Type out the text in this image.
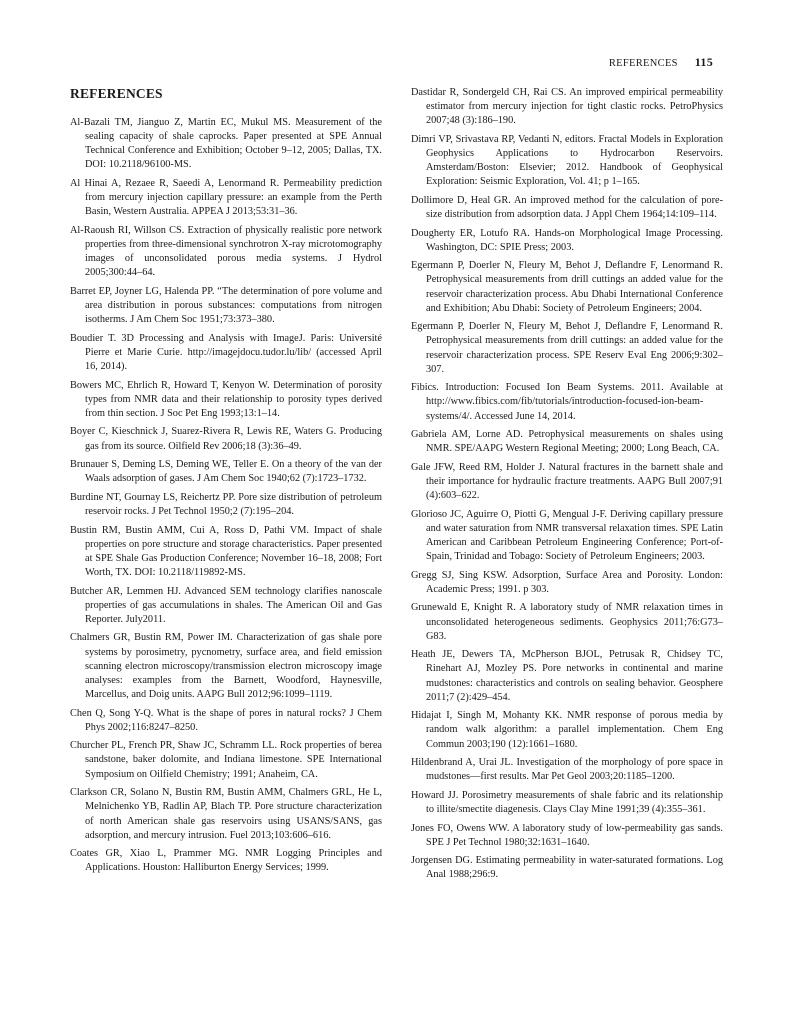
REFERENCES 115
REFERENCES

Al-Bazali TM, Jianguo Z, Martin EC, Mukul MS. Measurement of the sealing capacity of shale caprocks. Paper presented at SPE Annual Technical Conference and Exhibition; October 9–12, 2005; Dallas, TX. DOI: 10.2118/96100-MS.

Al Hinai A, Rezaee R, Saeedi A, Lenormand R. Permeability prediction from mercury injection capillary pressure: an example from the Perth Basin, Western Australia. APPEA J 2013;53:31–36.

Al-Raoush RI, Willson CS. Extraction of physically realistic pore network properties from three-dimensional synchrotron X-ray microtomography images of unconsolidated porous media systems. J Hydrol 2005;300:44–64.

Barret EP, Joyner LG, Halenda PP. “The determination of pore volume and area distribution in porous substances: computations from nitrogen isotherms. J Am Chem Soc 1951;73:373–380.

Boudier T. 3D Processing and Analysis with ImageJ. Paris: Université Pierre et Marie Curie. http://imagejdocu.tudor.lu/lib/ (accessed April 16, 2014).

Bowers MC, Ehrlich R, Howard T, Kenyon W. Determination of porosity types from NMR data and their relationship to porosity types derived from thin section. J Soc Pet Eng 1993;13:1–14.

Boyer C, Kieschnick J, Suarez-Rivera R, Lewis RE, Waters G. Producing gas from its source. Oilfield Rev 2006;18 (3):36–49.

Brunauer S, Deming LS, Deming WE, Teller E. On a theory of the van der Waals adsorption of gases. J Am Chem Soc 1940;62 (7):1723–1732.

Burdine NT, Gournay LS, Reichertz PP. Pore size distribution of petroleum reservoir rocks. J Pet Technol 1950;2 (7):195–204.

Bustin RM, Bustin AMM, Cui A, Ross D, Pathi VM. Impact of shale properties on pore structure and storage characteristics. Paper presented at SPE Shale Gas Production Conference; November 16–18, 2008; Fort Worth, TX. DOI: 10.2118/119892-MS.

Butcher AR, Lemmen HJ. Advanced SEM technology clarifies nanoscale properties of gas accumulations in shales. The American Oil and Gas Reporter. July2011.

Chalmers GR, Bustin RM, Power IM. Characterization of gas shale pore systems by porosimetry, pycnometry, surface area, and field emission scanning electron microscopy/transmission electron microscopy image analyses: examples from the Barnett, Woodford, Haynesville, Marcellus, and Doig units. AAPG Bull 2012;96:1099–1119.

Chen Q, Song Y-Q. What is the shape of pores in natural rocks? J Chem Phys 2002;116:8247–8250.

Churcher PL, French PR, Shaw JC, Schramm LL. Rock properties of berea sandstone, baker dolomite, and Indiana limestone. SPE International Symposium on Oilfield Chemistry; 1991; Anaheim, CA.

Clarkson CR, Solano N, Bustin RM, Bustin AMM, Chalmers GRL, He L, Melnichenko YB, Radlin AP, Blach TP. Pore structure characterization of north American shale gas reservoirs using USANS/SANS, gas adsorption, and mercury intrusion. Fuel 2013;103:606–616.

Coates GR, Xiao L, Prammer MG. NMR Logging Principles and Applications. Houston: Halliburton Energy Services; 1999.

Dastidar R, Sondergeld CH, Rai CS. An improved empirical permeability estimator from mercury injection for tight clastic rocks. PetroPhysics 2007;48 (3):186–190.

Dimri VP, Srivastava RP, Vedanti N, editors. Fractal Models in Exploration Geophysics Applications to Hydrocarbon Reservoirs. Amsterdam/Boston: Elsevier; 2012. Handbook of Geophysical Exploration: Seismic Exploration, Vol. 41; p 1–165.

Dollimore D, Heal GR. An improved method for the calculation of pore-size distribution from adsorption data. J Appl Chem 1964;14:109–114.

Dougherty ER, Lotufo RA. Hands-on Morphological Image Processing. Washington, DC: SPIE Press; 2003.

Egermann P, Doerler N, Fleury M, Behot J, Deflandre F, Lenormand R. Petrophysical measurements from drill cuttings an added value for the reservoir characterization process. Abu Dhabi International Conference and Exhibition; Abu Dhabi: Society of Petroleum Engineers; 2004.

Egermann P, Doerler N, Fleury M, Behot J, Deflandre F, Lenormand R. Petrophysical measurements from drill cuttings: an added value for the reservoir characterization process. SPE Reserv Eval Eng 2006;9:302–307.

Fibics. Introduction: Focused Ion Beam Systems. 2011. Available at http://www.fibics.com/fib/tutorials/introduction-focused-ion-beam-systems/4/. Accessed June 14, 2014.

Gabriela AM, Lorne AD. Petrophysical measurements on shales using NMR. SPE/AAPG Western Regional Meeting; 2000; Long Beach, CA.

Gale JFW, Reed RM, Holder J. Natural fractures in the barnett shale and their importance for hydraulic fracture treatments. AAPG Bull 2007;91 (4):603–622.

Glorioso JC, Aguirre O, Piotti G, Mengual J-F. Deriving capillary pressure and water saturation from NMR transversal relaxation times. SPE Latin American and Caribbean Petroleum Engineering Conference; Port-of-Spain, Trinidad and Tobago: Society of Petroleum Engineers; 2003.

Gregg SJ, Sing KSW. Adsorption, Surface Area and Porosity. London: Academic Press; 1991. p 303.

Grunewald E, Knight R. A laboratory study of NMR relaxation times in unconsolidated heterogeneous sediments. Geophysics 2011;76:G73–G83.

Heath JE, Dewers TA, McPherson BJOL, Petrusak R, Chidsey TC, Rinehart AJ, Mozley PS. Pore networks in continental and marine mudstones: characteristics and controls on sealing behavior. Geosphere 2011;7 (2):429–454.

Hidajat I, Singh M, Mohanty KK. NMR response of porous media by random walk algorithm: a parallel implementation. Chem Eng Commun 2003;190 (12):1661–1680.

Hildenbrand A, Urai JL. Investigation of the morphology of pore space in mudstones—first results. Mar Pet Geol 2003;20:1185–1200.

Howard JJ. Porosimetry measurements of shale fabric and its relationship to illite/smectite diagenesis. Clays Clay Mine 1991;39 (4):355–361.

Jones FO, Owens WW. A laboratory study of low-permeability gas sands. SPE J Pet Technol 1980;32:1631–1640.

Jorgensen DG. Estimating permeability in water-saturated formations. Log Anal 1988;296:9.
